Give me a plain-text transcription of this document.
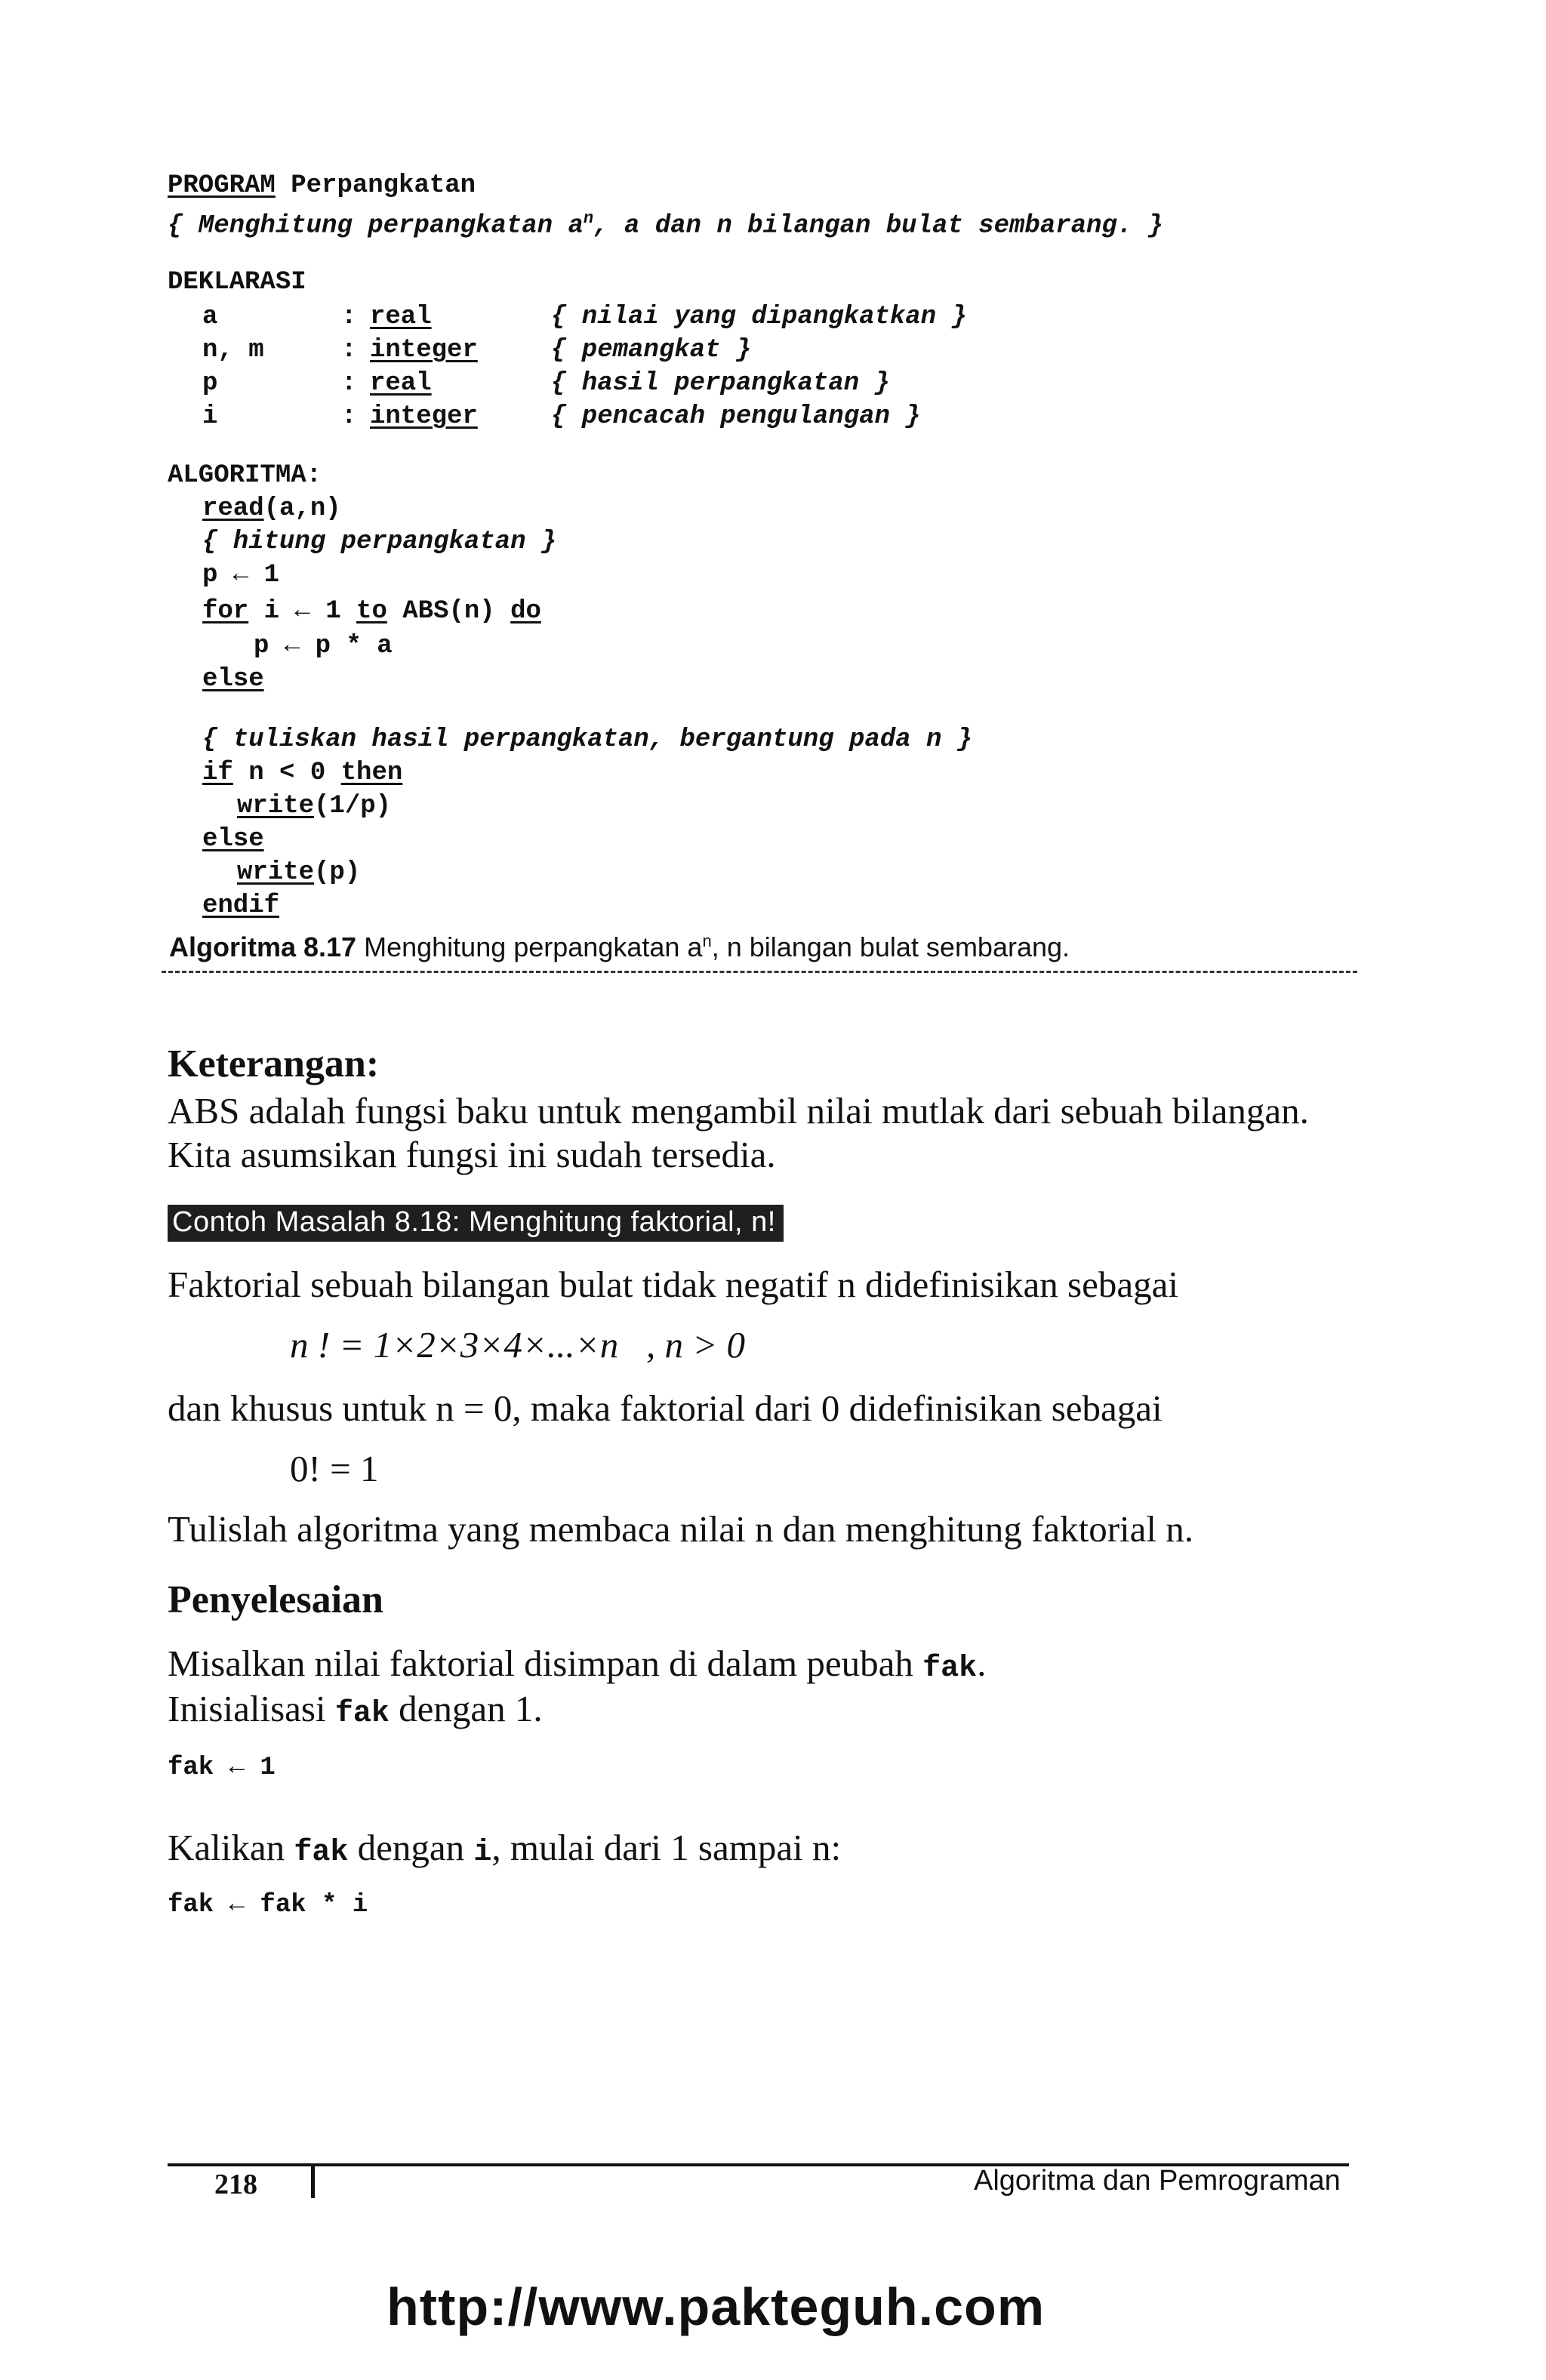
PROGRAM Perpangkatan
{ Menghitung perpangkatan $a^n$, a dan n bilangan bulat sembarang. }
DEKLARASI
a	: real	{ nilai yang dipangkatkan }
n, m	: integer	{ pemangkat }
p	: real	{ hasil perpangkatan }
i	: integer	{ pencacah pengulangan }
ALGORITMA:
read(a,n)
{ hitung perpangkatan }
p ← 1
for i ← 1 to ABS(n) do
p ← p * a
else
{ tuliskan hasil perpangkatan, bergantung pada n }
if n < 0 then
write(1/p)
else
write(p)
endif
Algoritma 8.17 Menghitung perpangkatan $a^n$, n bilangan bulat sembarang.
Keterangan:
ABS adalah fungsi baku untuk mengambil nilai mutlak dari sebuah bilangan.
Kita asumsikan fungsi ini sudah tersedia.
Contoh Masalah 8.18: Menghitung faktorial, n!
Faktorial sebuah bilangan bulat tidak negatif n didefinisikan sebagai
n ! = 1×2×3×4×...×n   , n > 0
dan khusus untuk n = 0, maka faktorial dari 0 didefinisikan sebagai
0! = 1
Tulislah algoritma yang membaca nilai n dan menghitung faktorial n.
Penyelesaian
Misalkan nilai faktorial disimpan di dalam peubah fak.
Inisialisasi fak dengan 1.
fak ← 1
Kalikan fak dengan i, mulai dari 1 sampai n:
fak ← fak * i
218	Algoritma dan Pemrograman
http://www.pakteguh.com
